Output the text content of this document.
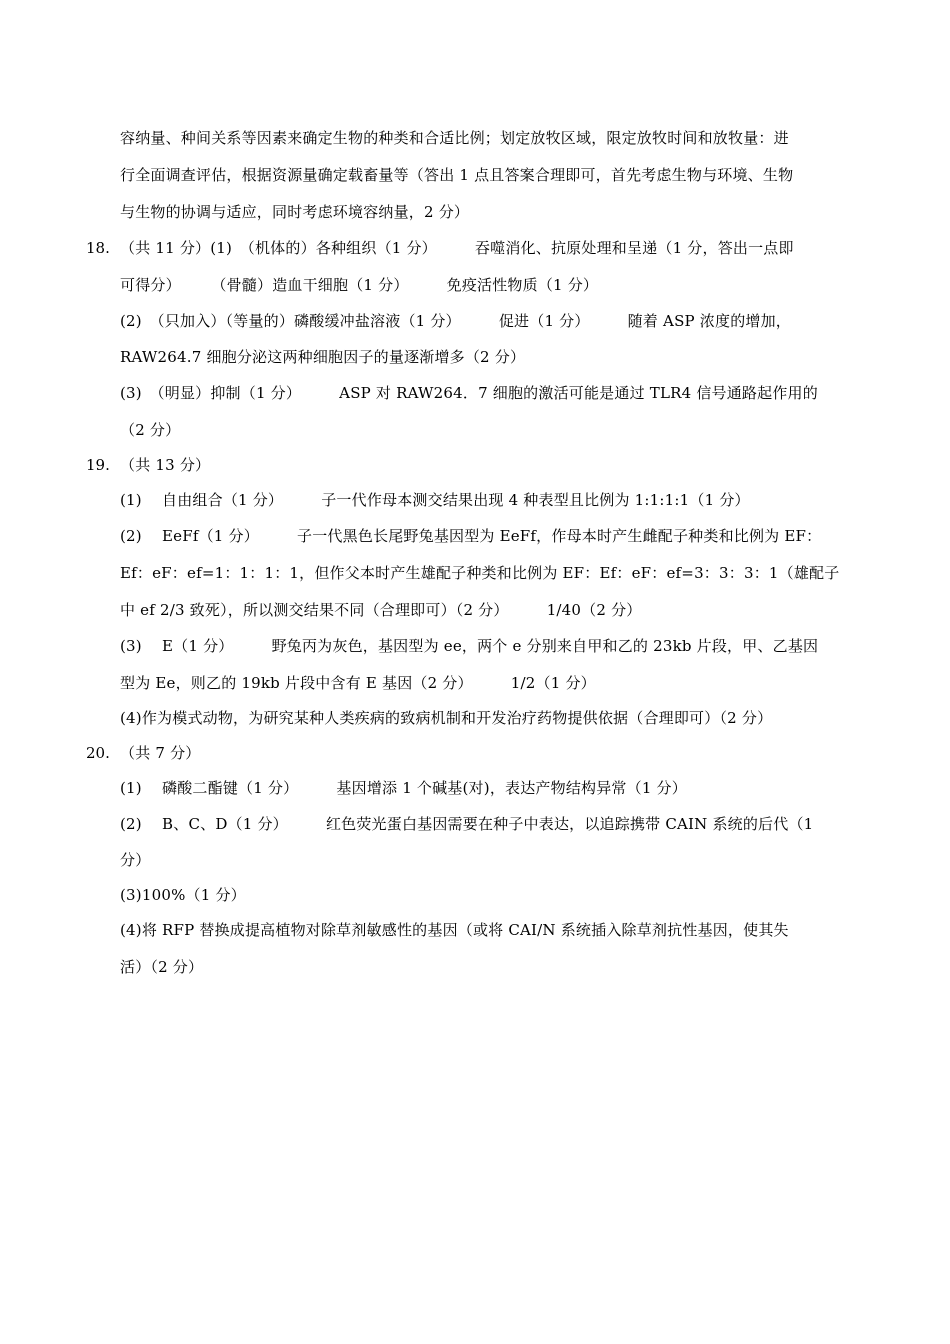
容纳量、种间关系等因素来确定生物的种类和合适比例；划定放牧区域，限定放牧时间和放牧量：进
行全面调查评估，根据资源量确定载畜量等（答出 1 点且答案合理即可，首先考虑生物与环境、生物
与生物的协调与适应，同时考虑环境容纳量，2 分）
18. （共 11 分）(1)　（机体的）各种组织（1 分）　　　吞噬消化、抗原处理和呈递（1 分，答出一点即
可得分）　　　（骨髓）造血干细胞（1 分）　　　免疫活性物质（1 分）
(2)　（只加入）（等量的）磷酸缓冲盐溶液（1 分）　　　促进（1 分）　　　随着 ASP 浓度的增加，
RAW264.7 细胞分泌这两种细胞因子的量逐渐增多（2 分）
(3)　（明显）抑制（1 分）　　　ASP 对 RAW264．7 细胞的激活可能是通过 TLR4 信号通路起作用的
（2 分）
19. （共 13 分）
(1)　 自由组合（1 分）　　　子一代作母本测交结果出现 4 种表型且比例为 1:1:1:1（1 分）
(2)　 EeFf（1 分）　　　子一代黑色长尾野兔基因型为 EeFf，作母本时产生雌配子种类和比例为 EF：
Ef：eF：ef=1：1：1：1，但作父本时产生雄配子种类和比例为 EF：Ef：eF：ef=3：3：3：1（雄配子
中 ef 2/3 致死），所以测交结果不同（合理即可）（2 分）　　　1/40（2 分）
(3)　 E（1 分）　　　野兔丙为灰色，基因型为 ee，两个 e 分别来自甲和乙的 23kb 片段，甲、乙基因
型为 Ee，则乙的 19kb 片段中含有 E 基因（2 分）　　　1/2（1 分）
(4)作为模式动物，为研究某种人类疾病的致病机制和开发治疗药物提供依据（合理即可）（2 分）
20. （共 7 分）
(1)　 磷酸二酯键（1 分）　　　基因增添 1 个碱基(对)，表达产物结构异常（1 分）
(2)　 B、C、D（1 分）　　　红色荧光蛋白基因需要在种子中表达，以追踪携带 CAIN 系统的后代（1
分）
(3)100%（1 分）
(4)将 RFP 替换成提高植物对除草剂敏感性的基因（或将 CAI/N 系统插入除草剂抗性基因，使其失
活）（2 分）
